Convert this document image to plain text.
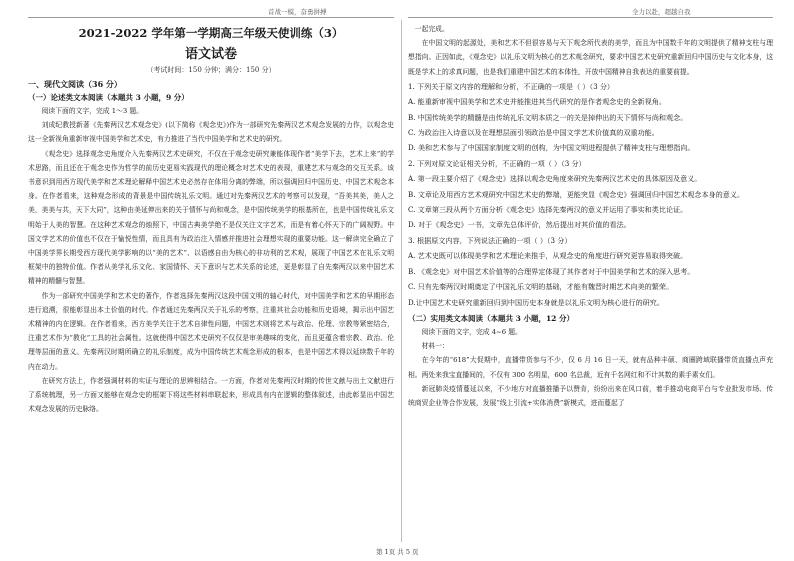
首战一模，奋勇拼搏	全力以赴，超越自我
2021-2022 学年第一学期高三年级天使训练（3）
语文试卷
（考试时间：150 分钟；满分：150 分）
一、现代文阅读（36 分）
（一）论述类文本阅读（本题共 3 小题，9 分）

阅读下面的文字，完成 1～3 题。

刘成纪教授新著《先秦两汉艺术观念史》(以下简称《观念史》)作为一部研究先秦两汉艺术观念发展的力作，以观念史这一全新视角重新审视中国美学和艺术史，有力推进了当代中国美学和艺术史的研究。

《观念史》选择观念史角度介入先秦两汉艺术史研究，不仅在于观念史研究兼能体现作者“美学下去，艺术上来”的学术思路，而且还在于观念史作为哲学的前历史更易实践现代的理论概念对艺术史的表现，重建艺术与观念的交互关系。该书意识到用西方现代美学和艺术理论解释中国艺术史必然存在体用分离的弊端，所以强调回归中国历史、中国艺术观念本身。在作者看来，这种观念形成的背景是中国传统礼乐文明。通过对先秦两汉艺术的考察可以发现，“吾美其美，美人之美，美美与共，天下大同”，这种由美延伸出来的关于情怀与尚和观念，是中国传统美学的根基所在，也是中国传统礼乐文明始于人美的智慧。在这种艺术观念的烛照下，中国古典美学绝不是仅关注文字艺术，而是有着心怀天下的广阔视野。中国文学艺术的价值也不仅在于愉悦性情，而且具有为政治注入情感并推进社会理想实现的重要功能。这一解读完全确立了中国美学界长期受西方现代美学影响的以“美的艺术”、以语感自由为核心的非功利的艺术观，展现了中国艺术在礼乐文明框架中的独特价值。作者从美学礼乐文化、家国情怀、天下意识与艺术关系的论述，更是彰显了自先秦两汉以来中国艺术精神的精髓与智慧。

作为一部研究中国美学和艺术史的著作，作者选择先秦两汉这段中国文明的轴心时代，对中国美学和艺术的早期形态进行追溯，很能彰显出本土价值的时代。作者通过先秦两汉关于礼乐的考察，注重其社会功能和历史语境，揭示出中国艺术精神的内在逻辑。在作者看来，西方美学关注于艺术自律性问题，中国艺术则将艺术与政治、伦理、宗教等紧密结合，注重艺术作为“教化”工具的社会属性。这就使得中国艺术史研究不仅仅是审美趣味的变化，而且更蕴含着宗教、政治、伦理等层面的意义。先秦两汉时期所确立的礼乐制度，成为中国传统艺术观念形成的根本，也是中国艺术得以延续数千年的内在动力。

在研究方法上，作者强调材料的实证与理论的思辨相结合。一方面，作者对先秦两汉时期的传世文献与出土文献进行了系统梳理，另一方面又能够在观念史的框架下将这些材料串联起来，形成具有内在逻辑的整体叙述，由此彰显出中国艺术观念发展的历史脉络。

一起完成。

在中国文明的起源处，美和艺术不但很容易与天下观念所代表的美学，而且为中国数千年的文明提供了精神支柱与理想指向。正因如此，《观念史》以礼乐文明为核心的艺术观念研究，要求中国艺术史研究重新回归中国历史与文化本身，这既是学术上的求真问题，也是我们重建中国艺术的本体性，开放中国精神自我表达的重要前提。

1. 下列关于原文内容的理解和分析，不正确的一项是（ ）（3 分）

A. 能重新审视中国美学和艺术史并能推进其当代研究的是作者观念史的全新视角。

B. 中国传统美学的精髓是由传统礼乐文明本质之一的关是掉伸出的天下情怀与尚和观念。

C. 为政治注入诗意以及在理想层面引领政治是中国文学艺术价值真的双重功能。

D. 美和艺术参与了中国国家制度文明的创构，为中国文明进程提供了精神支柱与理想指向。

2. 下列对原文论证相关分析，不正确的一项（ ）（3 分）

A. 第一段主要介绍了《观念史》选择以观念史角度来研究先秦两汉艺术史的具体原因及意义。

B. 文章论及用西方艺术观研究中国艺术史的弊端，更能突显《观念史》强调回归中国艺术观念本身的意义。

C. 文章第三段从两个方面分析《观念史》选择先秦两汉的意义并运用了事实和类比论证。

D. 对于《观念史》一书，文章先总体评价，然后提出对其价值的看法。

3. 根据原文内容，下列说法正确的一项（ ）（3 分）

A. 艺术史既可以体现美学和艺术理论来推手，从观念史的角度进行研究更容易取得突破。

B. 《观念史》对中国艺术价值等的合理界定体现了其作者对于中国美学和艺术的深入思考。

C. 只有先秦两汉时期奠定了中国礼乐文明的基础，才能有魏晋时期艺术向美的繁荣。

D.让中国艺术史研究重新回归到中国历史本身就是以礼乐文明为核心进行的研究。

（二）实用类文本阅读（本题共 3 小题，12 分）

阅读下面的文字，完成 4~6 题。

材料一：

在今年的“618”大促期中，直播带货参与不少，仅 6 月 16 日一天，就有品种丰硕、商圈跨域联播带货直播点声充相。两处来我宝直播间的，不仅有 300 名明星，600 名总裁，近有千名网红和不计其数的素手素女们。

新冠肺炎疫情蔓延以来，不少地方对直播推播予以赞肯，纷纷出来在风口前，着手推动电商平台与专业批发市场、传统商贸企业等合作发展，发展“线上引流+实体消费”新模式，进而蔓起了

第 1页 共 5 页
